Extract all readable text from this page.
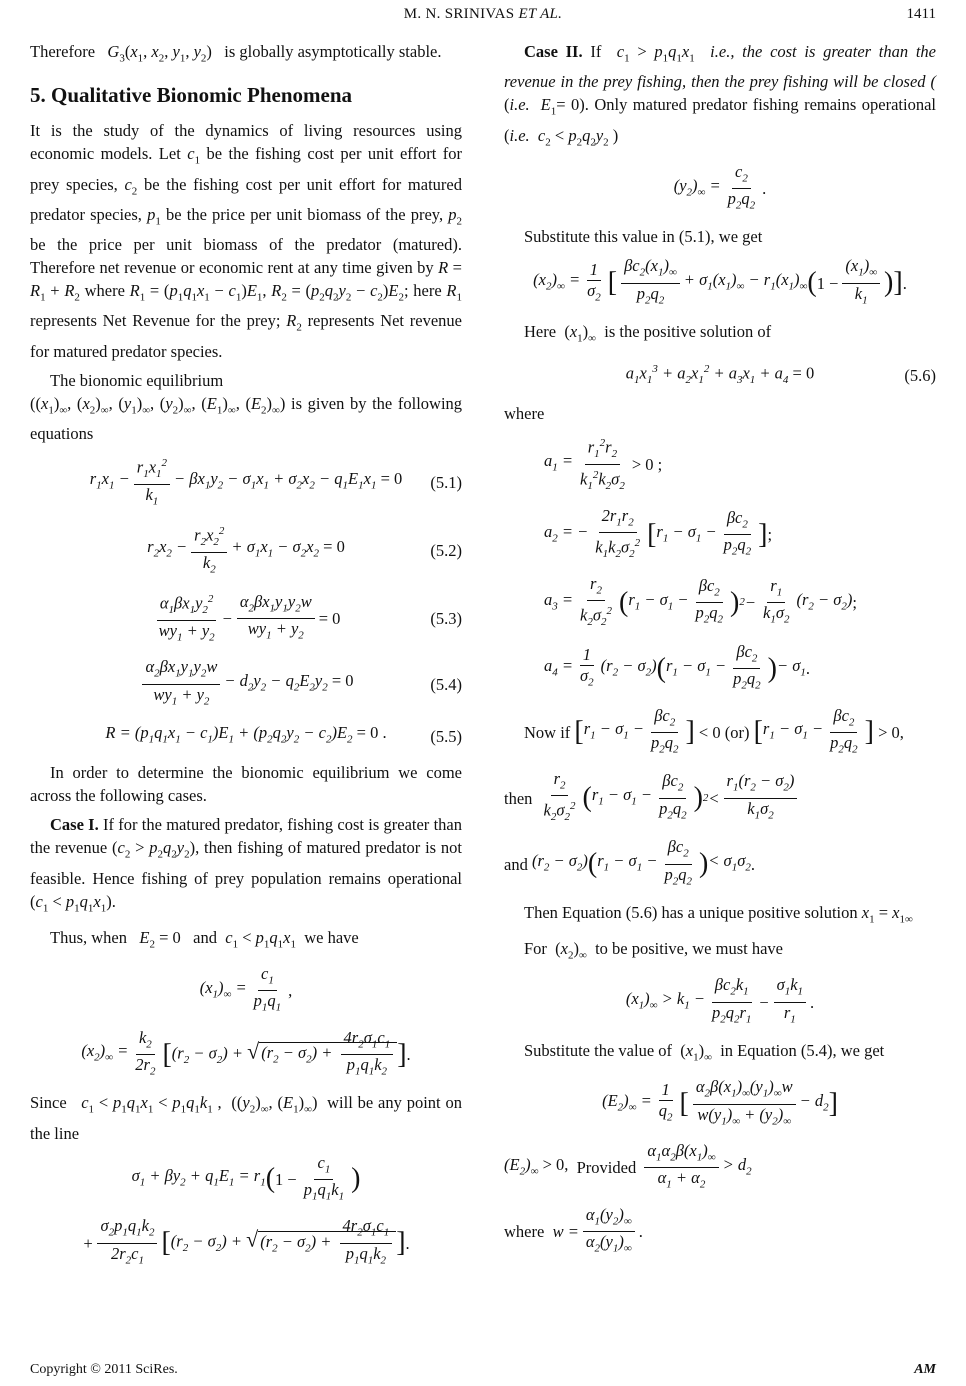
M. N. SRINIVAS ET AL.	1411

Therefore $G_3(x_1$, $x_2$, $y_1$, $y_2$)   is globally asymptotically stable.

5. Qualitative Bionomic Phenomena

It is the study of the dynamics of living resources using economic models. Let $c_1$ be the fishing cost per unit effort for prey species, $c_2$ be the fishing cost per unit effort for matured predator species, $p_1$ be the price per unit biomass of the prey, $p_2$ be the price per unit biomass of the predator (matured). Therefore net revenue or economic rent at any time given by $R = R_1 + R_2$ where $R_1 = (p_1q_1x_1 - c_1)E_1$, $R_2 = (p_2q_2y_2 - c_2)E_2$; here $R_1$ represents Net Revenue for the prey; $R_2$ represents Net revenue for matured predator species.

The bionomic equilibrium
($(x_1)_\infty$, $(x_2)_\infty$, $(y_1)_\infty$, $(y_2)_\infty$, $(E_1)_\infty$, $(E_2)_\infty$) is given by the following equations

$r_1x_1 - \frac{r_1x_1^2}{k_1} - \beta x_1y_2 - \sigma_1x_1 + \sigma_2x_2 - q_1E_1x_1 = 0$ (5.1)
$r_2x_2 - \frac{r_2x_2^2}{k_2} + \sigma_1x_1 - \sigma_2x_2 = 0$	(5.2)
$\frac{\alpha_1\beta x_1y_2^2}{wy_1 + y_2} - \frac{\alpha_2\beta x_1y_1y_2w}{wy_1 + y_2} = 0$	(5.3)
$\frac{\alpha_2\beta x_1y_1y_2w}{wy_1 + y_2} - d_2y_2 - q_2E_2y_2 = 0$	(5.4)
$R = (p_1q_1x_1 - c_1)E_1 + (p_2q_2y_2 - c_2)E_2 = 0$ .	(5.5)

In order to determine the bionomic equilibrium we come across the following cases.

Case I. If for the matured predator, fishing cost is greater than the revenue $(c_2 > p_2q_2y_2)$, then fishing of matured predator is not feasible. Hence fishing of prey population remains operational $(c_1 < p_1q_1x_1)$.

Thus, when $E_2 = 0$   and $c_1 < p_1q_1x_1$ we have

$(x_1)_\infty = \frac{c_1}{p_1q_1}$ ,
$(x_2)_\infty = \frac{k_2}{2r_2}$ [ $(r_2 - \sigma_2)$ + √ $(r_2 - \sigma_2) + \frac{4r_2\sigma_1c_1}{p_1q_1k_2}$ ] .

Since $c_1 < p_1q_1x_1 < p_1q_1k_1$ ,  ($(y_2)_\infty$, $(E_1)_\infty$)  will be any point on the line

$\sigma_1 + \beta y_2 + q_1E_1 = r_1$ ( $1 - \frac{c_1}{p_1q_1k_1}$ )
+ $\frac{\sigma_2p_1q_1k_2}{2r_2c_1}$ [ $(r_2 - \sigma_2)$ + √ $(r_2 - \sigma_2) + \frac{4r_2\sigma_1c_1}{p_1q_1k_2}$ ] .

Case II. If $c_1 > p_1q_1x_1$ i.e., the cost is greater than the revenue in the prey fishing, then the prey fishing will be closed ( (i.e. $E_1= 0$). Only matured predator fishing remains operational (i.e. $c_2 < p_2q_2y_2$ )

$(y_2)_\infty = \frac{c_2}{p_2q_2}$ .

Substitute this value in (5.1), we get

$(x_2)_\infty = \frac{1}{\sigma_2}$ [ $\frac{\beta c_2(x_1)_\infty}{p_2q_2} + \sigma_1(x_1)_\infty - r_1(x_1)_\infty$ ( $1 - \frac{(x_1)_\infty}{k_1}$ )] .

Here  $(x_1)_\infty$ is the positive solution of

$a_1x_1^3 + a_2x_1^2 + a_3x_1 + a_4 = 0$	(5.6)

where

$a_1 = \frac{r_1^2r_2}{k_1^2k_2\sigma_2} > 0$ ;
$a_2$ = − $\frac{2r_1r_2}{k_1k_2\sigma_2^2}$ [ $r_1 - \sigma_1 - \frac{\beta c_2}{p_2q_2}$ ] ;
$a_3 = \frac{r_2}{k_2\sigma_2^2}$ ( $r_1 - \sigma_1 - \frac{\beta c_2}{p_2q_2}$ ) $2 - \frac{r_1}{k_1\sigma_2} (r_2 - \sigma_2)$ ;
$a_4 = \frac{1}{\sigma_2} (r_2 - \sigma_2)$ ( $r_1 - \sigma_1 - \frac{\beta c_2}{p_2q_2}$ ) − $\sigma_1$ .
Now if
[ $r_1 - \sigma_1 - \frac{\beta c_2}{p_2q_2}$ ]
< 0 (or)
[ $r_1 - \sigma_1 - \frac{\beta c_2}{p_2q_2}$ ]
> 0,
then
$\frac{r_2}{k_2\sigma_2^2}$ ( $r_1 - \sigma_1 - \frac{\beta c_2}{p_2q_2}$ ) $2 < \frac{r_1(r_2 - \sigma_2)}{k_1\sigma_2}$
and
$(r_2 - \sigma_2)$ ( $r_1 - \sigma_1 - \frac{\beta c_2}{p_2q_2}$ ) < $\sigma_1\sigma_2$ .

Then Equation (5.6) has a unique positive solution $x_1 = x_{1\infty}$

For  $(x_2)_\infty$ to be positive, we must have

$(x_1)_\infty > k_1 - \frac{\beta c_2k_1}{p_2q_2r_1} - \frac{\sigma_1k_1}{r_1}$ .

Substitute the value of  $(x_1)_\infty$ in Equation (5.4), we get

$(E_2)_\infty = \frac{1}{q_2}$ [ $\frac{\alpha_2\beta(x_1)_\infty(y_1)_\infty w}{w(y_1)_\infty + (y_2)_\infty} - d_2$ ]
$(E_2)_\infty > 0$,
Provided
$\frac{\alpha_1\alpha_2\beta(x_1)_\infty}{\alpha_1 + \alpha_2} > d_2$
where
$w = \frac{\alpha_1(y_2)_\infty}{\alpha_2(y_1)_\infty}$ .
Copyright © 2011 SciRes.	AM
